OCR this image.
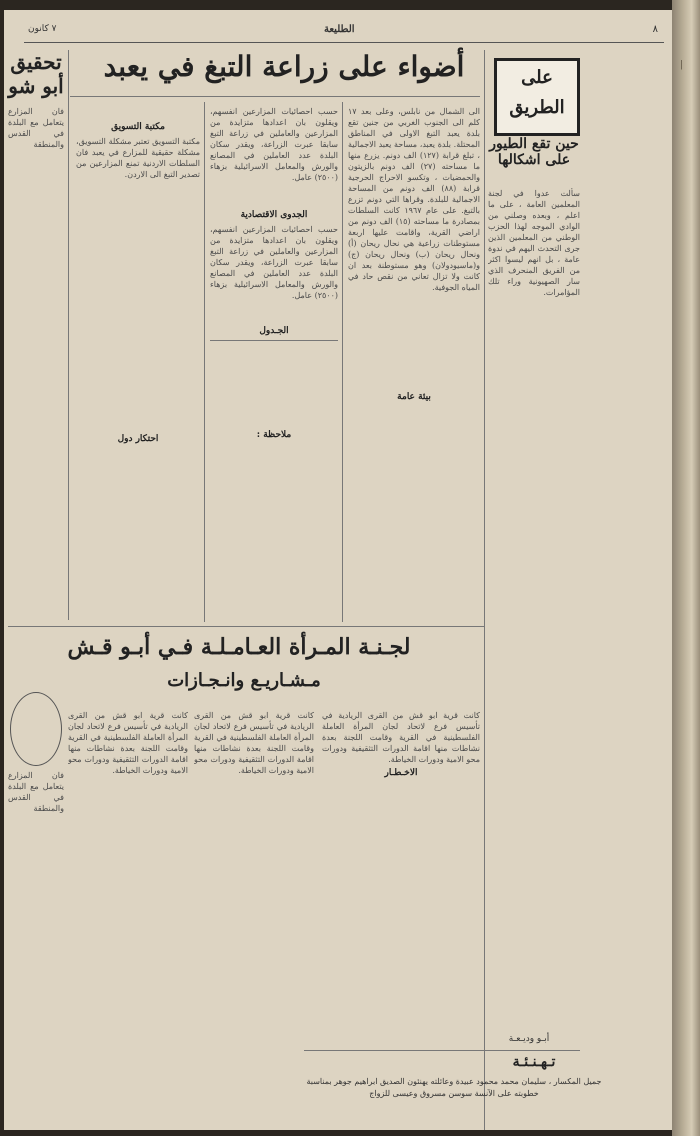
٨
الطليعة
٧ كانون
تحقيق أبو شو
فان المزارع يتعامل مع البلدة في القدس والمنطقة
أضواء على زراعة التبغ في يعبد
الى الشمال من نابلس، وعلى بعد ١٧ كلم الى الجنوب الغربي من جنين تقع بلدة يعبد التبغ الاولى في المناطق المحتلة. بلدة يعبد، مساحة يعبد الاجمالية ، تبلغ قرابة (١٢٧) الف دونم. يزرع منها ما مساحته (٢٧) الف دونم بالزيتون والحمضيات ، وتكسو الاحراج الحرجية قرابة (٨٨) الف دونم من المساحة الاجمالية للبلدة. وقراها التي دونم تزرع بالتبغ. على عام ١٩٦٧ كانت السلطات بمصادرة ما مساحته (١٥) الف دونم من اراضي القرية، واقامت عليها اربعة مستوطنات زراعية هي نحال ريحان (أ) ونحال ريحان (ب) ونحال ريحان (ج) و(ماسيودولان) وهو مستوطنة بعد ان كانت ولا تزال تعاني من نقص حاد في المياه الجوفية.
حسب احصائيات المزارعين انفسهم، ويقلون بان اعدادها متزايدة من المزارعين والعاملين في زراعة التبغ سابقا عبرت الزراعة، ويقدر سكان البلدة عدد العاملين في المصانع والورش والمعامل الاسرائيلية بزهاء (٢٥٠٠) عامل.
الجدوى الاقتصادية
حسب احصائيات المزارعين انفسهم، ويقلون بان اعدادها متزايدة من المزارعين والعاملين في زراعة التبغ سابقا عبرت الزراعة، ويقدر سكان البلدة عدد العاملين في المصانع والورش والمعامل الاسرائيلية بزهاء (٢٥٠٠) عامل.
مكتبة التسويق
مكتبة التسويق تعتبر مشكلة التسويق، مشكلة حقيقية للمزارع في يعبد فان السلطات الاردنية تمنع المزارعين من تصدير التبغ الى الاردن.
الجـدول
ملاحظة :
احتكار دول
بيئة عامة
على
الطريق
حين تقع الطيور على اشكالها
سألت عدوا في لجنة المعلمين العامة ، على ما اعلم ، وبعده وصلني من الوادي الموجه لهذا الحزب الوطني من المعلمين الذين جرى التحدث اليهم في ندوة عامة ، بل انهم ليسوا اكثر من الفريق المنحرف الذي سار الصهيونية وراء تلك المؤامرات.
أبـو وديـعـة
لجـنـة المـرأة العـامـلـة فـي أبـو قـش
مـشـاريـع وانـجـازات
كانت قرية ابو قش من القرى الريادية في تأسيس فرع لاتحاد لجان المرأة العاملة الفلسطينية في القرية وقامت اللجنة بعدة نشاطات منها اقامة الدورات التثقيفية ودورات محو الامية ودورات الخياطة.
كانت قرية ابو قش من القرى الريادية في تأسيس فرع لاتحاد لجان المرأة العاملة الفلسطينية في القرية وقامت اللجنة بعدة نشاطات منها اقامة الدورات التثقيفية ودورات محو الامية ودورات الخياطة.
كانت قرية ابو قش من القرى الريادية في تأسيس فرع لاتحاد لجان المرأة العاملة الفلسطينية في القرية وقامت اللجنة بعدة نشاطات منها اقامة الدورات التثقيفية ودورات محو الامية ودورات الخياطة.
الاخـطـار
فان المزارع يتعامل مع البلدة في القدس والمنطقة
تـهـنـئـة
جميل المكسار ، سليمان محمد محمود عبيدة وعائلته يهنئون الصديق ابراهيم جوهر بمناسبة خطوبته على الآنسة سوسن مسروق وعيسى للزواج
|
